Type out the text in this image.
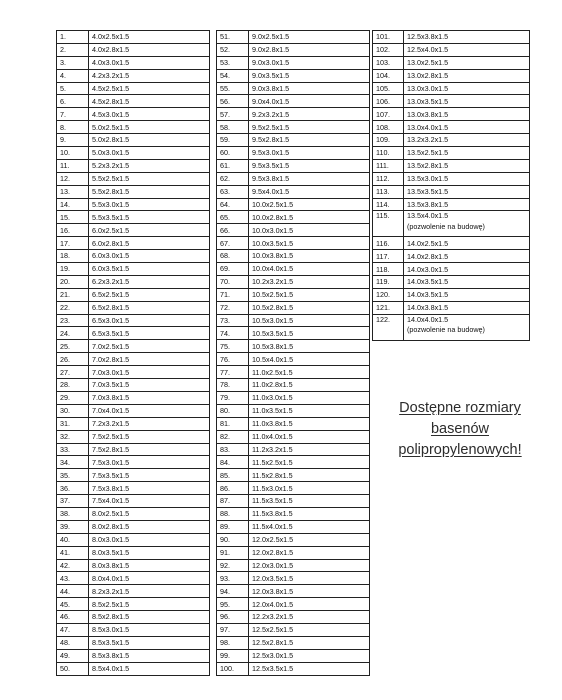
1.	4.0x2.5x1.5
2.	4.0x2.8x1.5
3.	4.0x3.0x1.5
4.	4.2x3.2x1.5
5.	4.5x2.5x1.5
6.	4.5x2.8x1.5
7.	4.5x3.0x1.5
8.	5.0x2.5x1.5
9.	5.0x2.8x1.5
10.	5.0x3.0x1.5
11.	5.2x3.2x1.5
12.	5.5x2.5x1.5
13.	5.5x2.8x1.5
14.	5.5x3.0x1.5
15.	5.5x3.5x1.5
16.	6.0x2.5x1.5
17.	6.0x2.8x1.5
18.	6.0x3.0x1.5
19.	6.0x3.5x1.5
20.	6.2x3.2x1.5
21.	6.5x2.5x1.5
22.	6.5x2.8x1.5
23.	6.5x3.0x1.5
24.	6.5x3.5x1.5
25.	7.0x2.5x1.5
26.	7.0x2.8x1.5
27.	7.0x3.0x1.5
28.	7.0x3.5x1.5
29.	7.0x3.8x1.5
30.	7.0x4.0x1.5
31.	7.2x3.2x1.5
32.	7.5x2.5x1.5
33.	7.5x2.8x1.5
34.	7.5x3.0x1.5
35.	7.5x3.5x1.5
36.	7.5x3.8x1.5
37.	7.5x4.0x1.5
38.	8.0x2.5x1.5
39.	8.0x2.8x1.5
40.	8.0x3.0x1.5
41.	8.0x3.5x1.5
42.	8.0x3.8x1.5
43.	8.0x4.0x1.5
44.	8.2x3.2x1.5
45.	8.5x2.5x1.5
46.	8.5x2.8x1.5
47.	8.5x3.0x1.5
48.	8.5x3.5x1.5
49.	8.5x3.8x1.5
50.	8.5x4.0x1.5
51.	9.0x2.5x1.5
52.	9.0x2.8x1.5
53.	9.0x3.0x1.5
54.	9.0x3.5x1.5
55.	9.0x3.8x1.5
56.	9.0x4.0x1.5
57.	9.2x3.2x1.5
58.	9.5x2.5x1.5
59.	9.5x2.8x1.5
60.	9.5x3.0x1.5
61.	9.5x3.5x1.5
62.	9.5x3.8x1.5
63.	9.5x4.0x1.5
64.	10.0x2.5x1.5
65.	10.0x2.8x1.5
66.	10.0x3.0x1.5
67.	10.0x3.5x1.5
68.	10.0x3.8x1.5
69.	10.0x4.0x1.5
70.	10.2x3.2x1.5
71.	10.5x2.5x1.5
72.	10.5x2.8x1.5
73.	10.5x3.0x1.5
74.	10.5x3.5x1.5
75.	10.5x3.8x1.5
76.	10.5x4.0x1.5
77.	11.0x2.5x1.5
78.	11.0x2.8x1.5
79.	11.0x3.0x1.5
80.	11.0x3.5x1.5
81.	11.0x3.8x1.5
82.	11.0x4.0x1.5
83.	11.2x3.2x1.5
84.	11.5x2.5x1.5
85.	11.5x2.8x1.5
86.	11.5x3.0x1.5
87.	11.5x3.5x1.5
88.	11.5x3.8x1.5
89.	11.5x4.0x1.5
90.	12.0x2.5x1.5
91.	12.0x2.8x1.5
92.	12.0x3.0x1.5
93.	12.0x3.5x1.5
94.	12.0x3.8x1.5
95.	12.0x4.0x1.5
96.	12.2x3.2x1.5
97.	12.5x2.5x1.5
98.	12.5x2.8x1.5
99.	12.5x3.0x1.5
100.	12.5x3.5x1.5
101.	12.5x3.8x1.5
102.	12.5x4.0x1.5
103.	13.0x2.5x1.5
104.	13.0x2.8x1.5
105.	13.0x3.0x1.5
106.	13.0x3.5x1.5
107.	13.0x3.8x1.5
108.	13.0x4.0x1.5
109.	13.2x3.2x1.5
110.	13.5x2.5x1.5
111.	13.5x2.8x1.5
112.	13.5x3.0x1.5
113.	13.5x3.5x1.5
114.	13.5x3.8x1.5
115.	13.5x4.0x1.5
(pozwolenie na budowę)

116.	14.0x2.5x1.5
117.	14.0x2.8x1.5
118.	14.0x3.0x1.5
119.	14.0x3.5x1.5
120.	14.0x3.5x1.5
121.	14.0x3.8x1.5
122.	14.0x4.0x1.5
(pozwolenie na budowę)
Dostępne rozmiary
basenów
polipropylenowych!
